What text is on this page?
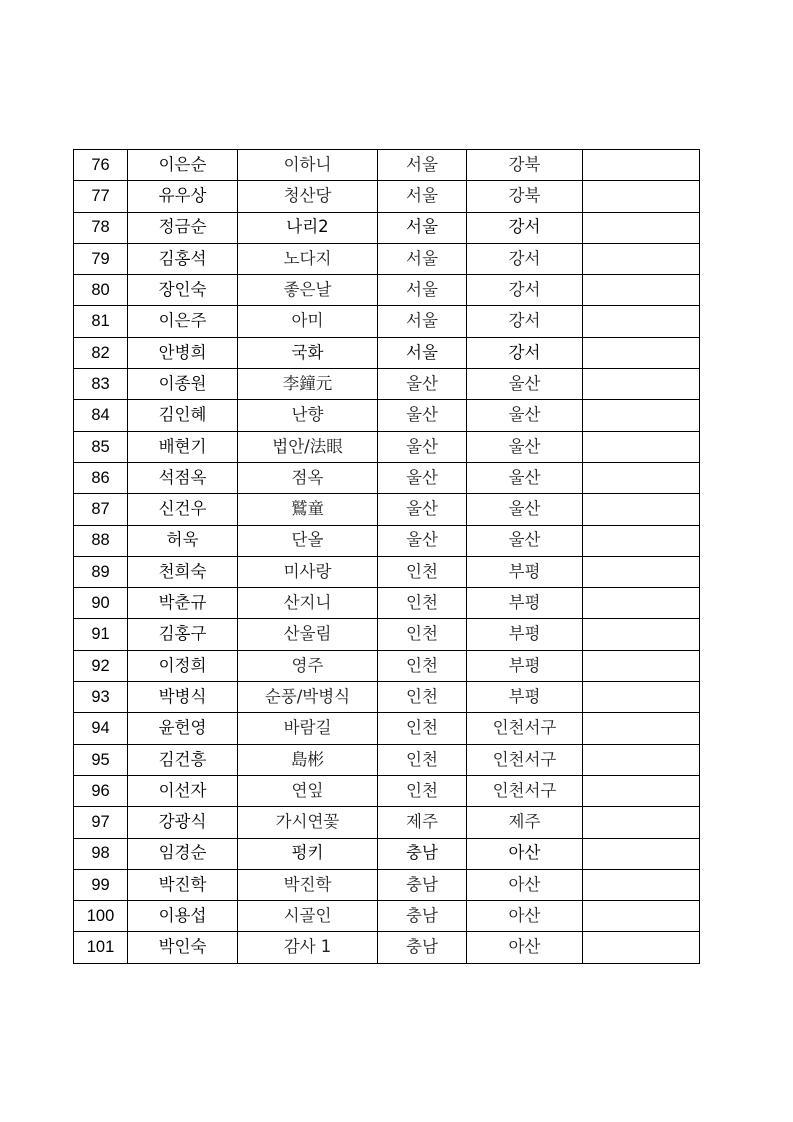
76	이은순	이하니	서울	강북	
77	유우상	청산당	서울	강북	
78	정금순	나리2	서울	강서	
79	김홍석	노다지	서울	강서	
80	장인숙	좋은날	서울	강서	
81	이은주	아미	서울	강서	
82	안병희	국화	서울	강서	
83	이종원	李鐘元	울산	울산	
84	김인혜	난향	울산	울산	
85	배현기	법안/法眼	울산	울산	
86	석점옥	점옥	울산	울산	
87	신건우	鷲童	울산	울산	
88	허욱	단올	울산	울산	
89	천희숙	미사랑	인천	부평	
90	박춘규	산지니	인천	부평	
91	김홍구	산울림	인천	부평	
92	이정희	영주	인천	부평	
93	박병식	순풍/박병식	인천	부평	
94	윤헌영	바람길	인천	인천서구	
95	김건흥	島彬	인천	인천서구	
96	이선자	연잎	인천	인천서구	
97	강광식	가시연꽃	제주	제주	
98	임경순	펑키	충남	아산	
99	박진학	박진학	충남	아산	
100	이용섭	시골인	충남	아산	
101	박인숙	감사 1	충남	아산	
